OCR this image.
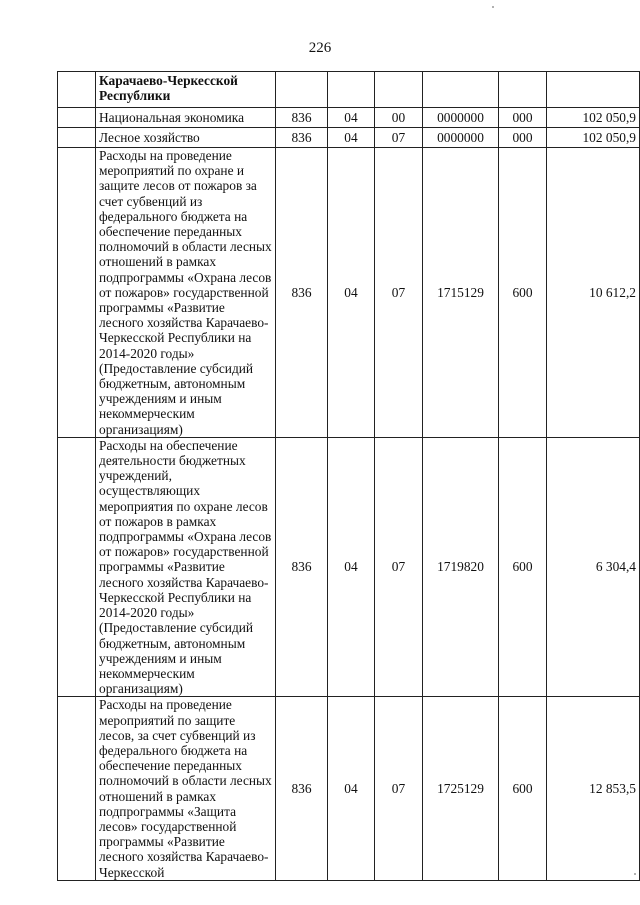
226
	Карачаево-Черкесской Республики						
	Национальная экономика	836	04	00	0000000	000	102 050,9
	Лесное хозяйство	836	04	07	0000000	000	102 050,9
	Расходы на проведение мероприятий по охране и защите лесов от пожаров за счет субвенций из федерального бюджета на обеспечение переданных полномочий в области лесных отношений в рамках подпрограммы «Охрана лесов от пожаров» государственной программы «Развитие лесного хозяйства Карачаево-Черкесской Республики на 2014-2020 годы» (Предоставление субсидий бюджетным, автономным учреждениям и иным некоммерческим организациям)	836	04	07	1715129	600	10 612,2
	Расходы на обеспечение деятельности бюджетных учреждений, осуществляющих мероприятия по охране лесов от пожаров в рамках подпрограммы «Охрана лесов от пожаров» государственной программы «Развитие лесного хозяйства Карачаево-Черкесской Республики на 2014-2020 годы» (Предоставление субсидий бюджетным, автономным учреждениям и иным некоммерческим организациям)	836	04	07	1719820	600	6 304,4
	Расходы на проведение мероприятий по защите лесов, за счет субвенций из федерального бюджета на обеспечение переданных полномочий в области лесных отношений в рамках подпрограммы «Защита лесов» государственной программы «Развитие лесного хозяйства Карачаево-Черкесской	836	04	07	1725129	600	12 853,5
